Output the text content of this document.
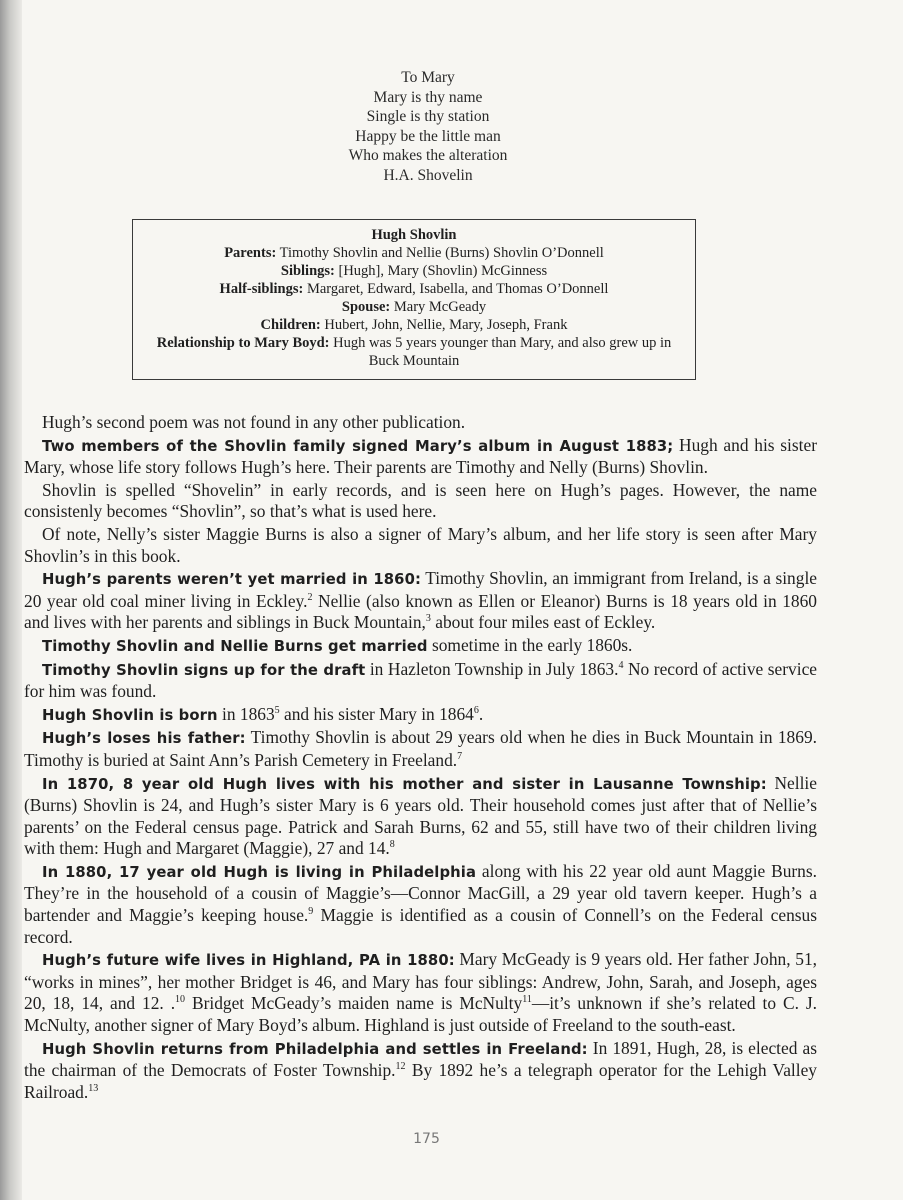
To Mary
Mary is thy name
Single is thy station
Happy be the little man
Who makes the alteration
H.A. Shovelin
Hugh Shovlin
Parents: Timothy Shovlin and Nellie (Burns) Shovlin O’Donnell
Siblings: [Hugh], Mary (Shovlin) McGinness
Half-siblings: Margaret, Edward, Isabella, and Thomas O’Donnell
Spouse: Mary McGeady
Children: Hubert, John, Nellie, Mary, Joseph, Frank
Relationship to Mary Boyd: Hugh was 5 years younger than Mary, and also grew up in Buck Mountain

Hugh’s second poem was not found in any other publication.

Two members of the Shovlin family signed Mary’s album in August 1883; Hugh and his sister Mary, whose life story follows Hugh’s here. Their parents are Timothy and Nelly (Burns) Shovlin.

Shovlin is spelled “Shovelin” in early records, and is seen here on Hugh’s pages. However, the name consistenly becomes “Shovlin”, so that’s what is used here.

Of note, Nelly’s sister Maggie Burns is also a signer of Mary’s album, and her life story is seen after Mary Shovlin’s in this book.

Hugh’s parents weren’t yet married in 1860: Timothy Shovlin, an immigrant from Ireland, is a single 20 year old coal miner living in Eckley.$^2$ Nellie (also known as Ellen or Eleanor) Burns is 18 years old in 1860 and lives with her parents and siblings in Buck Mountain,$^3$ about four miles east of Eckley.

Timothy Shovlin and Nellie Burns get married sometime in the early 1860s.

Timothy Shovlin signs up for the draft in Hazleton Township in July 1863.$^4$ No record of active service for him was found.

Hugh Shovlin is born in 1863$^5$ and his sister Mary in 1864$^6$.

Hugh’s loses his father: Timothy Shovlin is about 29 years old when he dies in Buck Mountain in 1869. Timothy is buried at Saint Ann’s Parish Cemetery in Freeland.$^7$

In 1870, 8 year old Hugh lives with his mother and sister in Lausanne Township: Nellie (Burns) Shovlin is 24, and Hugh’s sister Mary is 6 years old. Their household comes just after that of Nellie’s parents’ on the Federal census page. Patrick and Sarah Burns, 62 and 55, still have two of their children living with them: Hugh and Margaret (Maggie), 27 and 14.$^8$

In 1880, 17 year old Hugh is living in Philadelphia along with his 22 year old aunt Maggie Burns. They’re in the household of a cousin of Maggie’s—Connor MacGill, a 29 year old tavern keeper. Hugh’s a bartender and Maggie’s keeping house.$^9$ Maggie is identified as a cousin of Connell’s on the Federal census record.

Hugh’s future wife lives in Highland, PA in 1880: Mary McGeady is 9 years old. Her father John, 51, “works in mines”, her mother Bridget is 46, and Mary has four siblings: Andrew, John, Sarah, and Joseph, ages 20, 18, 14, and 12. .$^{10}$ Bridget McGeady’s maiden name is McNulty$^{11}$—it’s unknown if she’s related to C. J. McNulty, another signer of Mary Boyd’s album. Highland is just outside of Freeland to the south-east.

Hugh Shovlin returns from Philadelphia and settles in Freeland: In 1891, Hugh, 28, is elected as the chairman of the Democrats of Foster Township.$^{12}$ By 1892 he’s a telegraph operator for the Lehigh Valley Railroad.$^{13}$

175
